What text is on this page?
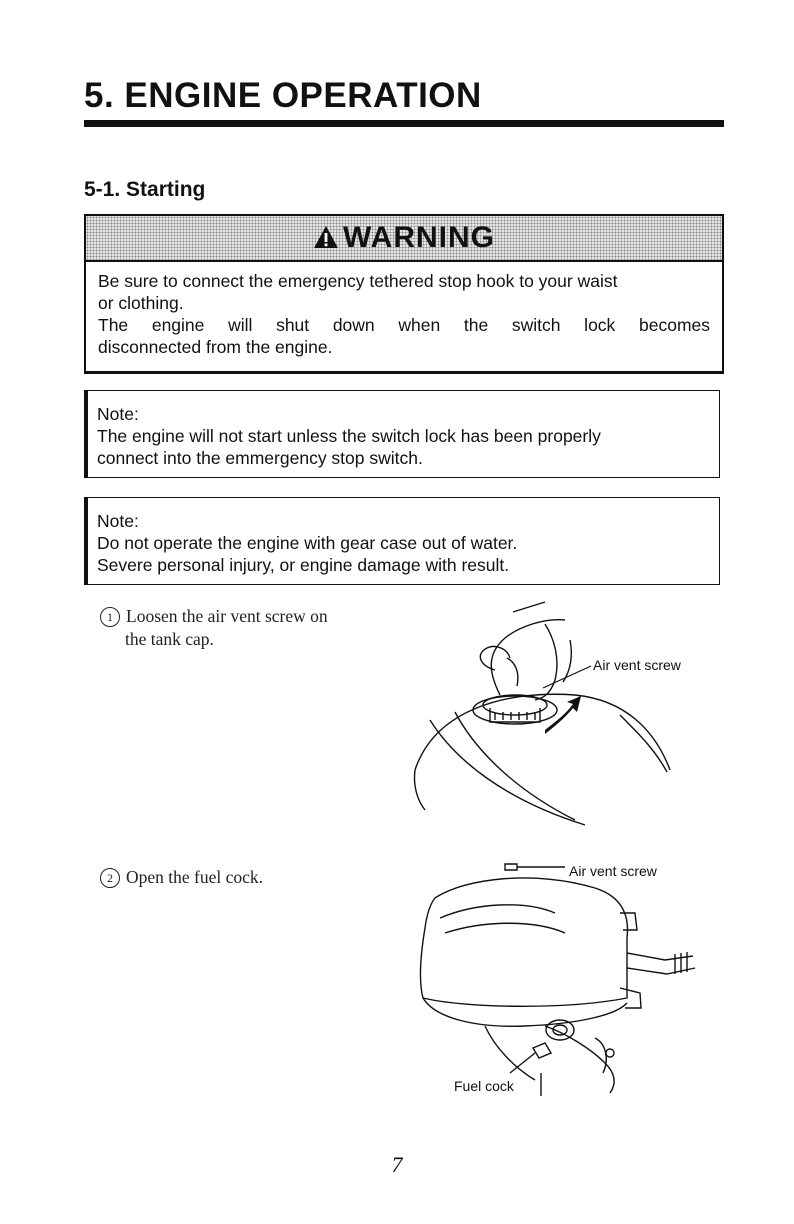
5. ENGINE OPERATION
5-1. Starting
WARNING
Be sure to connect the emergency tethered stop hook to your waist
or clothing.
The engine will shut down when the switch lock becomes
disconnected from the engine.
Note:
The engine will not start unless the switch lock has been properly
connect into the emmergency stop switch.
Note:
Do not operate the engine with gear case out of water.
Severe personal injury, or engine damage with result.
1 Loosen the air vent screw on
the tank cap.
Air vent screw
2 Open the fuel cock.	Air vent screw
Fuel cock
7
